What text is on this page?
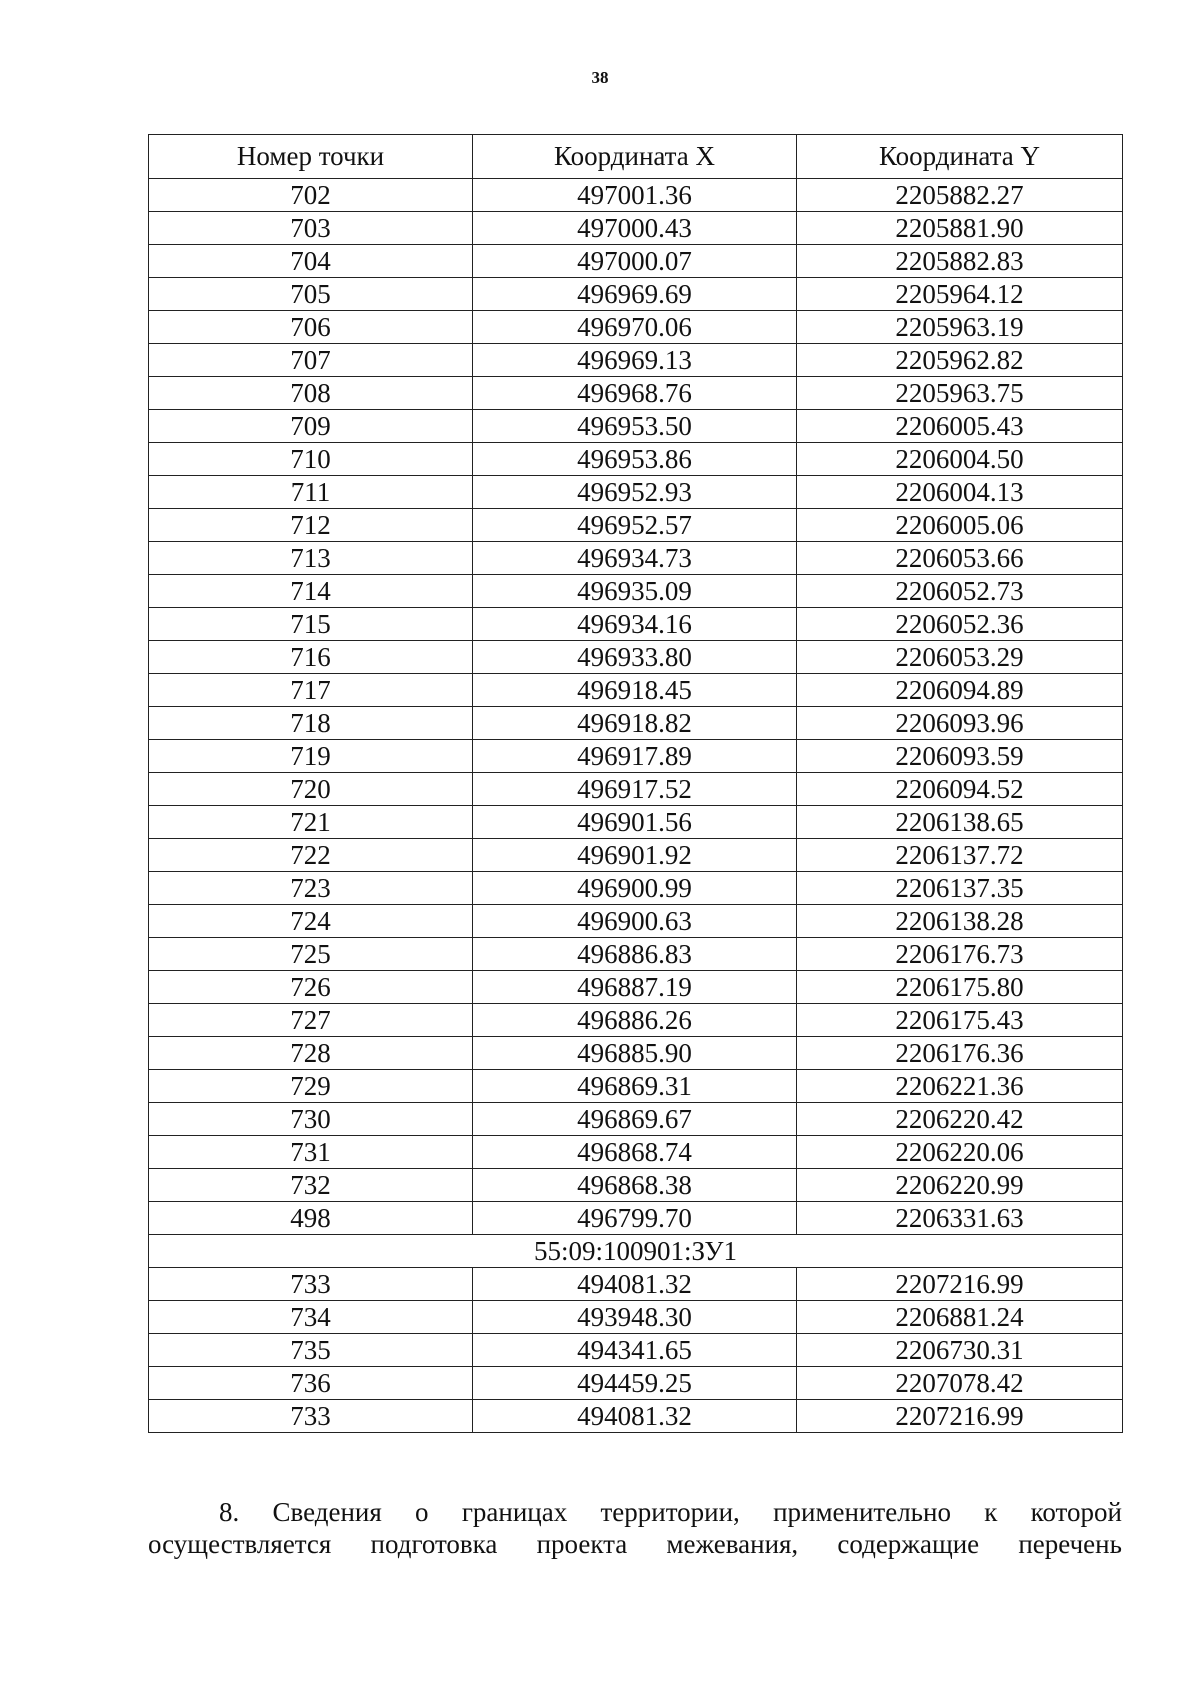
38
Номер точки	Координата X	Координата Y
702	497001.36	2205882.27
703	497000.43	2205881.90
704	497000.07	2205882.83
705	496969.69	2205964.12
706	496970.06	2205963.19
707	496969.13	2205962.82
708	496968.76	2205963.75
709	496953.50	2206005.43
710	496953.86	2206004.50
711	496952.93	2206004.13
712	496952.57	2206005.06
713	496934.73	2206053.66
714	496935.09	2206052.73
715	496934.16	2206052.36
716	496933.80	2206053.29
717	496918.45	2206094.89
718	496918.82	2206093.96
719	496917.89	2206093.59
720	496917.52	2206094.52
721	496901.56	2206138.65
722	496901.92	2206137.72
723	496900.99	2206137.35
724	496900.63	2206138.28
725	496886.83	2206176.73
726	496887.19	2206175.80
727	496886.26	2206175.43
728	496885.90	2206176.36
729	496869.31	2206221.36
730	496869.67	2206220.42
731	496868.74	2206220.06
732	496868.38	2206220.99
498	496799.70	2206331.63
55:09:100901:ЗУ1		
733	494081.32	2207216.99
734	493948.30	2206881.24
735	494341.65	2206730.31
736	494459.25	2207078.42
733	494081.32	2207216.99
8. Сведения о границах территории, применительно к которой
осуществляется подготовка проекта межевания, содержащие перечень
